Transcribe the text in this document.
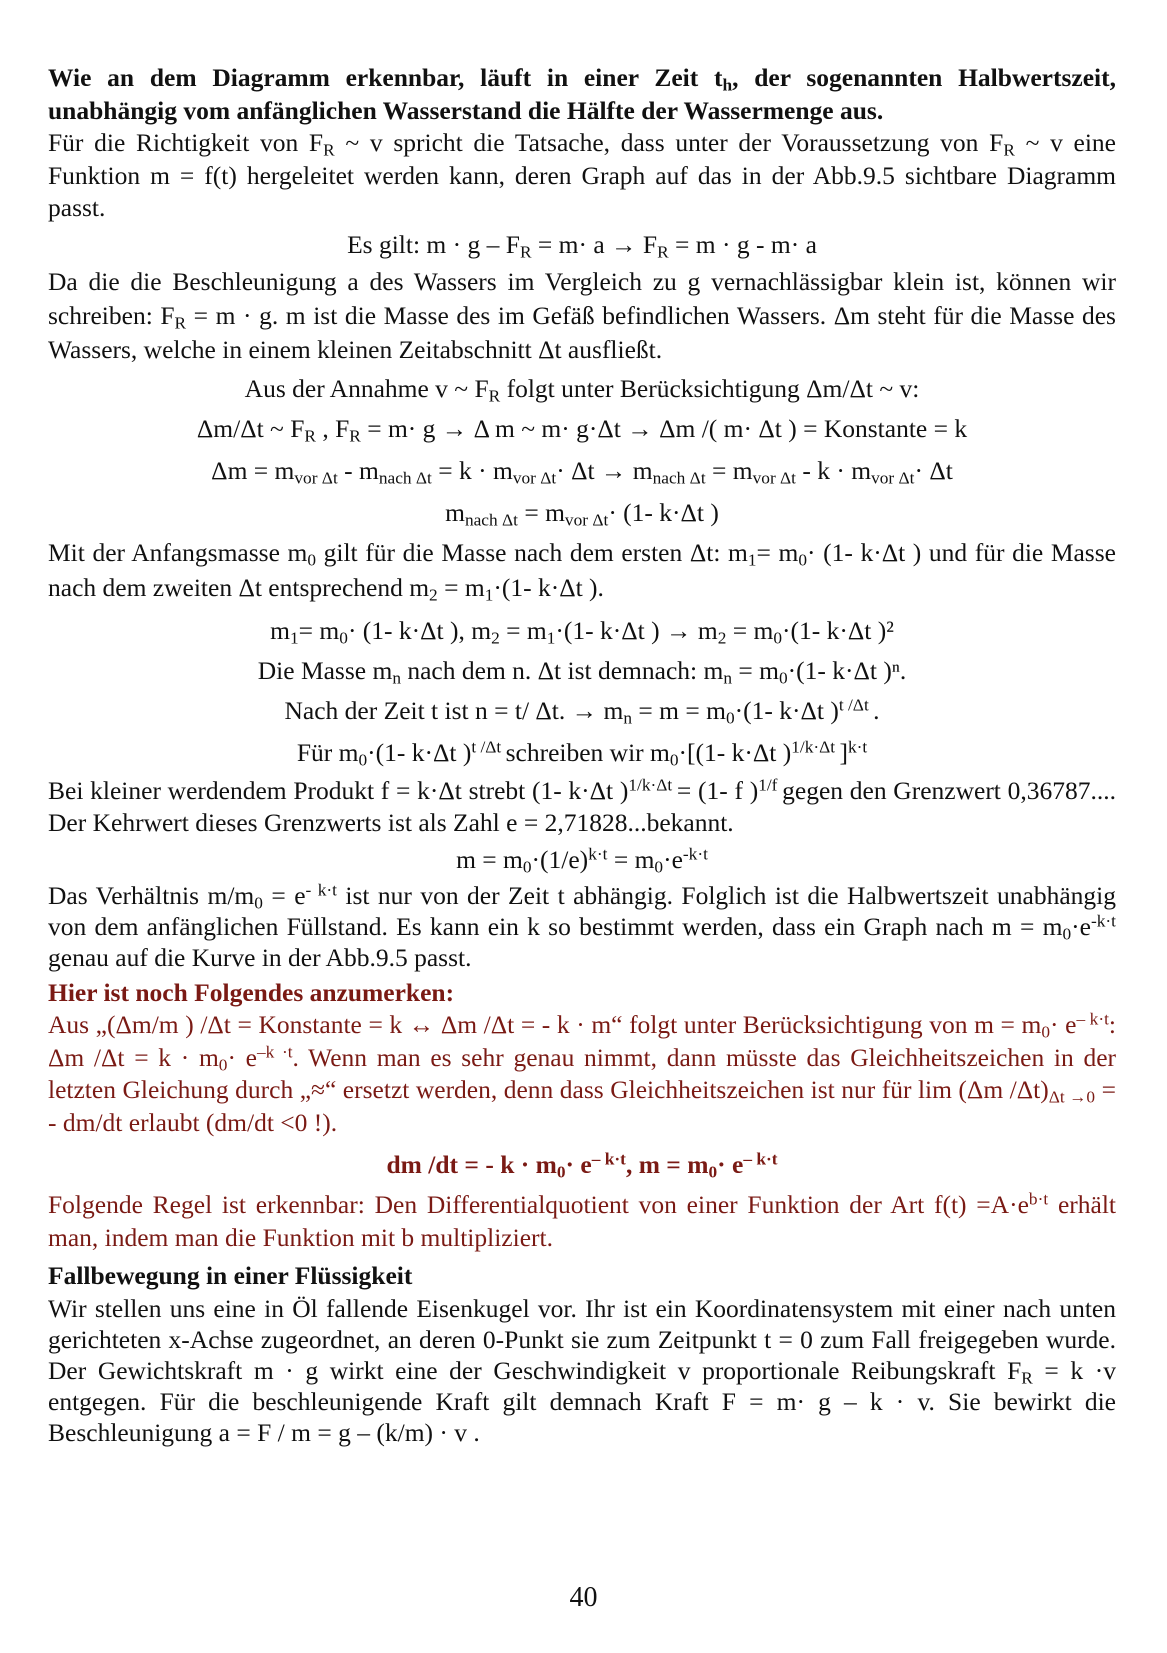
Wie an dem Diagramm erkennbar, läuft in einer Zeit $t_h$, der sogenannten Halbwertszeit, unabhängig vom anfänglichen Wasserstand die Hälfte der Wassermenge aus.

Für die Richtigkeit von $F_R$ ~ v spricht die Tatsache, dass unter der Voraussetzung von $F_R$ ~ v eine Funktion m = f(t) hergeleitet werden kann, deren Graph auf das in der Abb.9.5 sichtbare Diagramm passt.

Es gilt: $m \cdot g - F_R = m\cdot a \to F_R = m \cdot g - m\cdot a$

Da die die Beschleunigung a des Wassers im Vergleich zu g vernachlässigbar klein ist, können wir schreiben: $F_R = m \cdot g$. m ist die Masse des im Gefäß befindlichen Wassers. Δm steht für die Masse des Wassers, welche in einem kleinen Zeitabschnitt Δt ausfließt.

Aus der Annahme v ~ $F_R$ folgt unter Berücksichtigung Δm/Δt ~ v:
Δm/Δt ~ $F_R$ , $F_R = m\cdot g \to \Delta$ m ~ m· g·Δt → Δm /( m· Δt ) = Konstante = k
$\Delta m = m_{vor \Delta t} - m_{nach \Delta t} = k \cdot m_{vor \Delta t}\cdot \Delta t \to m_{nach \Delta t} = m_{vor \Delta t} - k \cdot m_{vor \Delta t}\cdot \Delta t$
$m_{nach \Delta t} = m_{vor \Delta t}\cdot (1-$ k·Δt )

Mit der Anfangsmasse $m_0$ gilt für die Masse nach dem ersten Δt: $m_1= m_0\cdot (1-$ k·Δt ) und für die Masse nach dem zweiten Δt entsprechend $m_2 = m_1\cdot(1-$ k·Δt ).

$m_1= m_0\cdot (1-$ k·Δt ), $m_2 = m_1\cdot(1-$ k·Δt ) → $m_2 = m_0\cdot(1-$ k·Δt )²
Die Masse $m_n$ nach dem n. Δt ist demnach: $m_n = m_0\cdot(1-$ k·Δt )ⁿ.
Nach der Zeit t ist n = t/ Δt. → $m_n = m = m_0\cdot(1-$ k·Δt )$^{t /\Delta t}$ .
Für $m_0\cdot(1-$ k·Δt )$^{t /\Delta t}$ schreiben wir $m_0\cdot[(1-$ k·Δt )$^{1/k\cdot\Delta t}$ ]$^{k\cdot t}$

Bei kleiner werdendem Produkt f = k·Δt strebt (1- k·Δt )$^{1/k\cdot\Delta t}$ = (1- f )$^{1/f}$ gegen den Grenzwert 0,36787.... Der Kehrwert dieses Grenzwerts ist als Zahl e = 2,71828...bekannt.

$m = m_0\cdot(1/e)^{k\cdot t} = m_0\cdot e^{-k\cdot t}$

Das Verhältnis $m/m_0 = e^{- k\cdot t}$ ist nur von der Zeit t abhängig. Folglich ist die Halbwertszeit unabhängig von dem anfänglichen Füllstand. Es kann ein k so bestimmt werden, dass ein Graph nach $m = m_0\cdot e^{-k\cdot t}$ genau auf die Kurve in der Abb.9.5 passt.

Hier ist noch Folgendes anzumerken:

Aus „(Δm/m ) /Δt = Konstante = k ↔ Δm /Δt = - k · m“ folgt unter Berücksichtigung von $m = m_0\cdot e^{- k\cdot t}$: Δm $/\Delta t = k \cdot m_0\cdot e^{-k \cdot t}$. Wenn man es sehr genau nimmt, dann müsste das Gleichheitszeichen in der letzten Gleichung durch „≈“ ersetzt werden, denn dass Gleichheitszeichen ist nur für lim (Δm $/\Delta t)_{\Delta t \to 0}$ = - dm/dt erlaubt (dm/dt <0 !).

dm /dt = - $k \cdot m_0\cdot e^{- k\cdot t}$, $m = m_0\cdot e^{- k\cdot t}$

Folgende Regel ist erkennbar: Den Differentialquotient von einer Funktion der Art $f(t) =A\cdot e^{b\cdot t}$ erhält man, indem man die Funktion mit b multipliziert.

Fallbewegung in einer Flüssigkeit

Wir stellen uns eine in Öl fallende Eisenkugel vor. Ihr ist ein Koordinatensystem mit einer nach unten gerichteten x-Achse zugeordnet, an deren 0-Punkt sie zum Zeitpunkt t = 0 zum Fall freigegeben wurde. Der Gewichtskraft m · g wirkt eine der Geschwindigkeit v proportionale Reibungskraft $F_R = k \cdot v$ entgegen. Für die beschleunigende Kraft gilt demnach Kraft F = m· g – k · v. Sie bewirkt die Beschleunigung a = F / m = g – (k/m) · v .

40
